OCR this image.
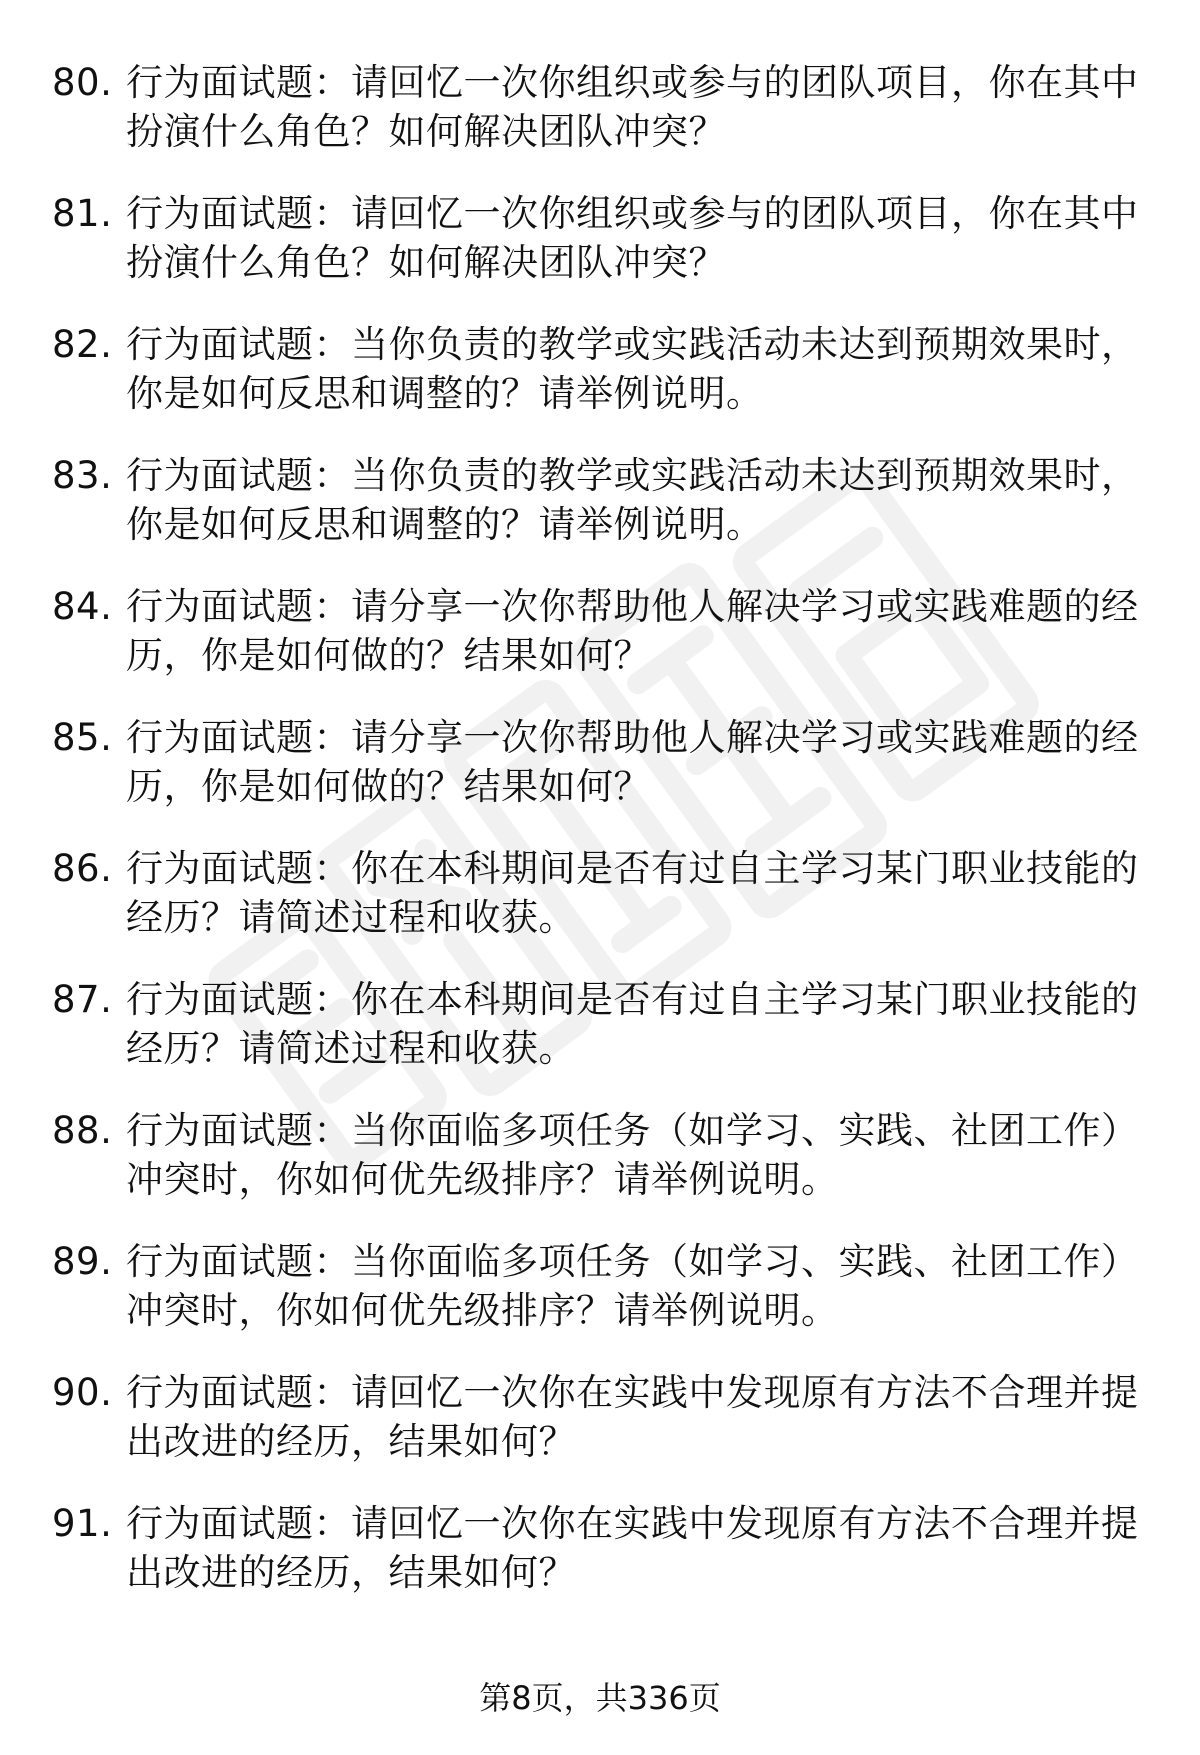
80. 行为面试题：请回忆一次你组织或参与的团队项目，你在其中扮演什么角色？如何解决团队冲突？
81. 行为面试题：请回忆一次你组织或参与的团队项目，你在其中扮演什么角色？如何解决团队冲突？
82. 行为面试题：当你负责的教学或实践活动未达到预期效果时，你是如何反思和调整的？请举例说明。
83. 行为面试题：当你负责的教学或实践活动未达到预期效果时，你是如何反思和调整的？请举例说明。
84. 行为面试题：请分享一次你帮助他人解决学习或实践难题的经历，你是如何做的？结果如何？
85. 行为面试题：请分享一次你帮助他人解决学习或实践难题的经历，你是如何做的？结果如何？
86. 行为面试题：你在本科期间是否有过自主学习某门职业技能的经历？请简述过程和收获。
87. 行为面试题：你在本科期间是否有过自主学习某门职业技能的经历？请简述过程和收获。
88. 行为面试题：当你面临多项任务（如学习、实践、社团工作）冲突时，你如何优先级排序？请举例说明。
89. 行为面试题：当你面临多项任务（如学习、实践、社团工作）冲突时，你如何优先级排序？请举例说明。
90. 行为面试题：请回忆一次你在实践中发现原有方法不合理并提出改进的经历，结果如何？
91. 行为面试题：请回忆一次你在实践中发现原有方法不合理并提出改进的经历，结果如何？
第8页，共336页
